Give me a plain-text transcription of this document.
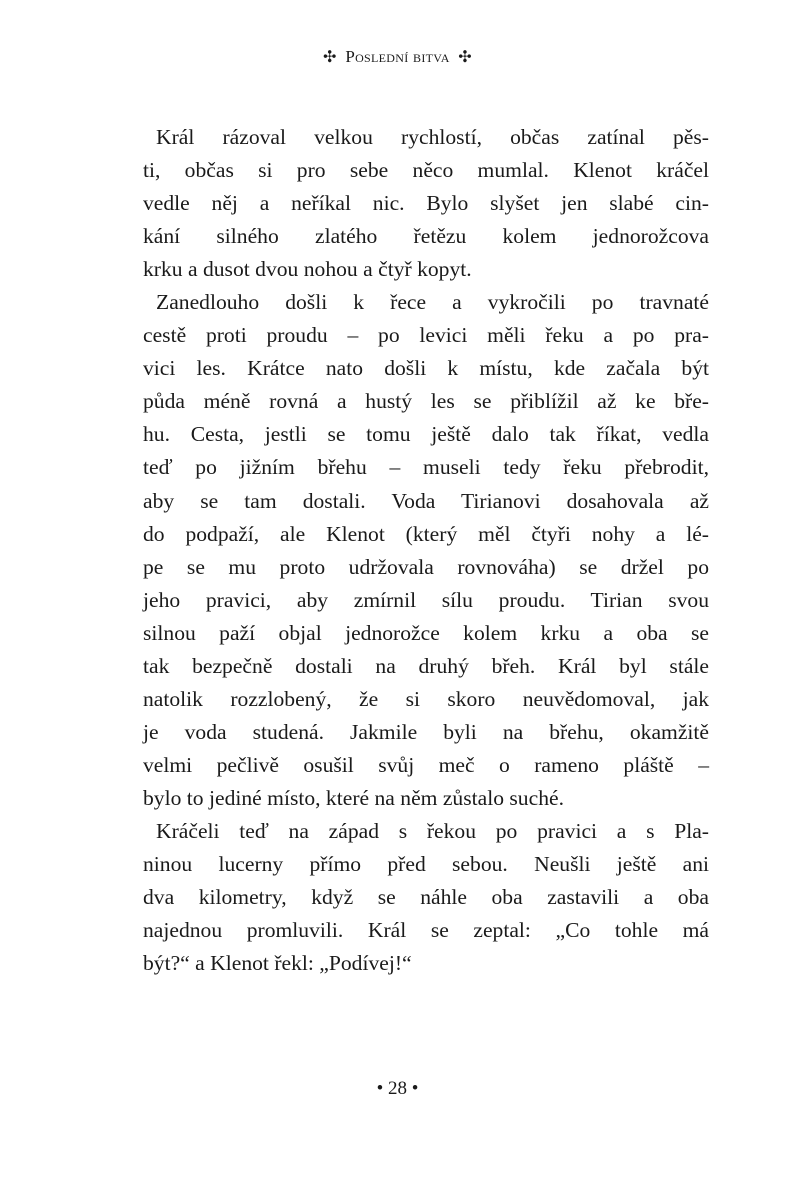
✣ Poslední bitva ✣
Král rázoval velkou rychlostí, občas zatínal pěs-
ti, občas si pro sebe něco mumlal. Klenot kráčel
vedle něj a neříkal nic. Bylo slyšet jen slabé cin-
kání silného zlatého řetězu kolem jednorožcova
krku a dusot dvou nohou a čtyř kopyt.
Zanedlouho došli k řece a vykročili po travnaté
cestě proti proudu – po levici měli řeku a po pra-
vici les. Krátce nato došli k místu, kde začala být
půda méně rovná a hustý les se přiblížil až ke bře-
hu. Cesta, jestli se tomu ještě dalo tak říkat, vedla
teď po jižním břehu – museli tedy řeku přebrodit,
aby se tam dostali. Voda Tirianovi dosahovala až
do podpaží, ale Klenot (který měl čtyři nohy a lé-
pe se mu proto udržovala rovnováha) se držel po
jeho pravici, aby zmírnil sílu proudu. Tirian svou
silnou paží objal jednorožce kolem krku a oba se
tak bezpečně dostali na druhý břeh. Král byl stále
natolik rozzlobený, že si skoro neuvědomoval, jak
je voda studená. Jakmile byli na břehu, okamžitě
velmi pečlivě osušil svůj meč o rameno pláště –
bylo to jediné místo, které na něm zůstalo suché.
Kráčeli teď na západ s řekou po pravici a s Pla-
ninou lucerny přímo před sebou. Neušli ještě ani
dva kilometry, když se náhle oba zastavili a oba
najednou promluvili. Král se zeptal: „Co tohle má
být?“ a Klenot řekl: „Podívej!“
• 28 •
